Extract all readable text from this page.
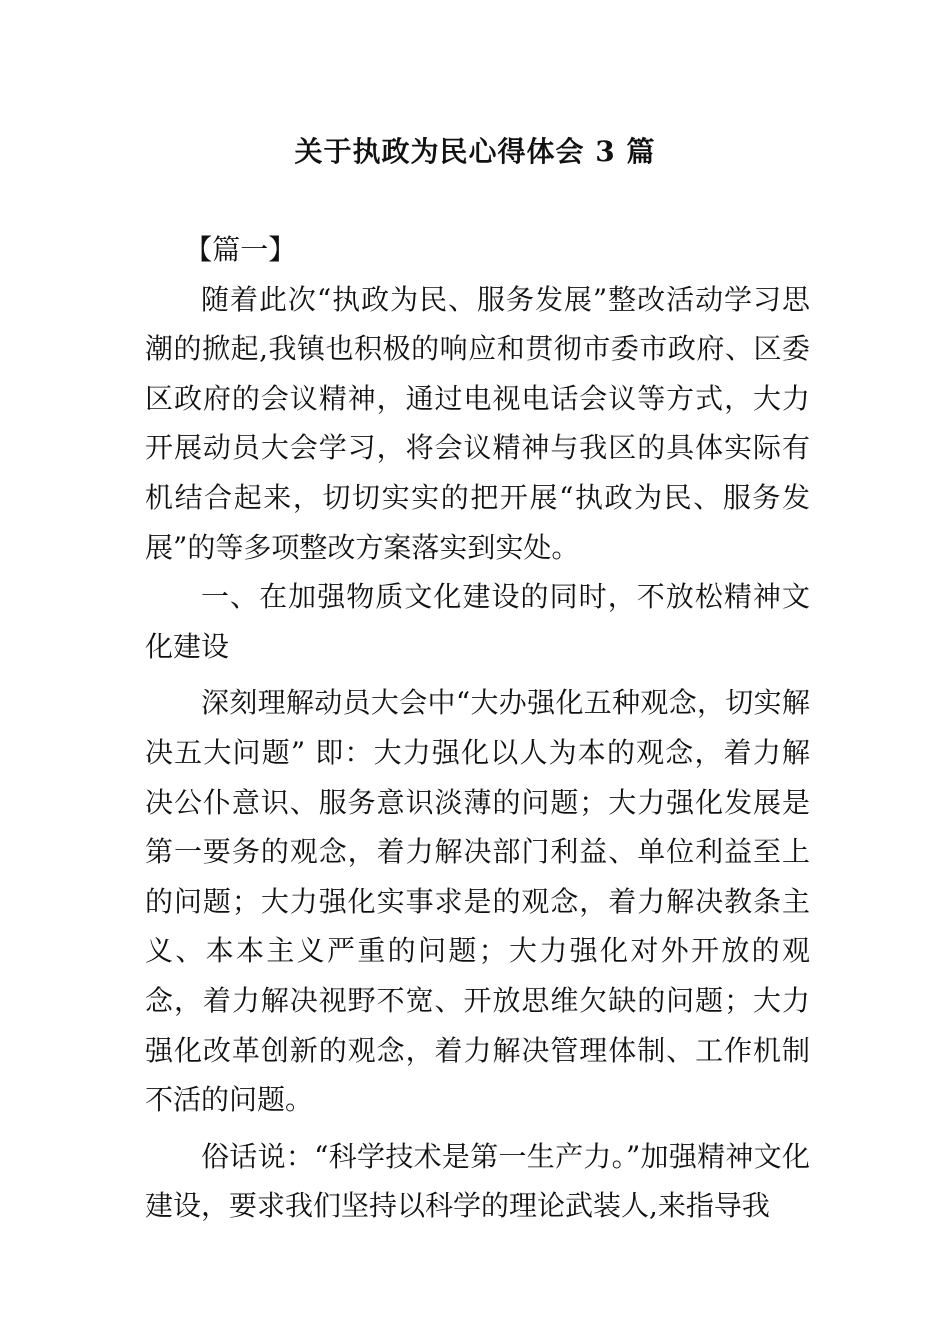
关于执政为民心得体会 3 篇

【篇一】

随着此次“执政为民、服务发展”整改活动学习思潮的掀起,我镇也积极的响应和贯彻市委市政府、区委区政府的会议精神，通过电视电话会议等方式，大力开展动员大会学习，将会议精神与我区的具体实际有机结合起来，切切实实的把开展“执政为民、服务发展”的等多项整改方案落实到实处。

一、在加强物质文化建设的同时，不放松精神文化建设

深刻理解动员大会中“大办强化五种观念，切实解决五大问题” 即：大力强化以人为本的观念，着力解决公仆意识、服务意识淡薄的问题；大力强化发展是第一要务的观念，着力解决部门利益、单位利益至上的问题；大力强化实事求是的观念，着力解决教条主义、本本主义严重的问题；大力强化对外开放的观念，着力解决视野不宽、开放思维欠缺的问题；大力强化改革创新的观念，着力解决管理体制、工作机制不活的问题。

俗话说：“科学技术是第一生产力。”加强精神文化建设，要求我们坚持以科学的理论武装人,来指导我
